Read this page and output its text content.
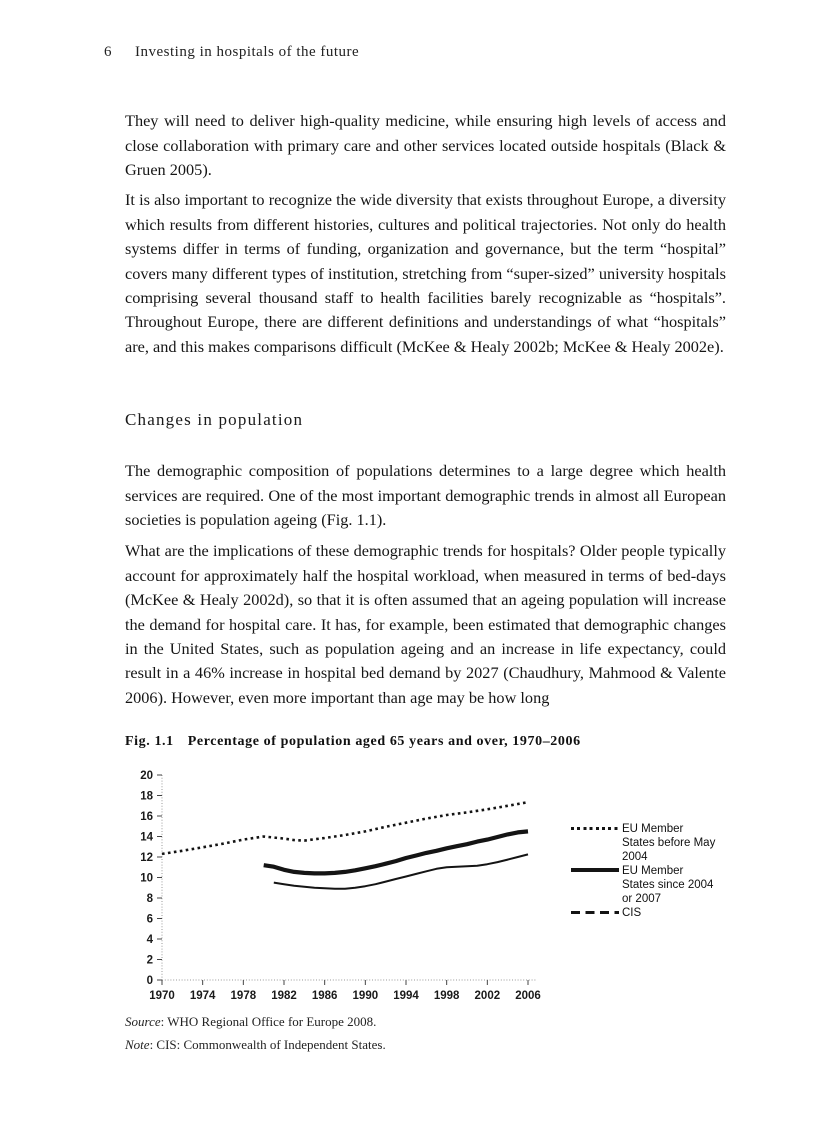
6 Investing in hospitals of the future

They will need to deliver high-quality medicine, while ensuring high levels of access and close collaboration with primary care and other services located outside hospitals (Black & Gruen 2005).

It is also important to recognize the wide diversity that exists throughout Europe, a diversity which results from different histories, cultures and political trajectories. Not only do health systems differ in terms of funding, organization and governance, but the term “hospital” covers many different types of institution, stretching from “super-sized” university hospitals comprising several thousand staff to health facilities barely recognizable as “hospitals”. Throughout Europe, there are different definitions and understandings of what “hospitals” are, and this makes comparisons difficult (McKee & Healy 2002b; McKee & Healy 2002e).

Changes in population

The demographic composition of populations determines to a large degree which health services are required. One of the most important demographic trends in almost all European societies is population ageing (Fig. 1.1).

What are the implications of these demographic trends for hospitals? Older people typically account for approximately half the hospital workload, when measured in terms of bed-days (McKee & Healy 2002d), so that it is often assumed that an ageing population will increase the demand for hospital care. It has, for example, been estimated that demographic changes in the United States, such as population ageing and an increase in life expectancy, could result in a 46% increase in hospital bed demand by 2027 (Chaudhury, Mahmood & Valente 2006). However, even more important than age may be how long

Fig. 1.1 Percentage of population aged 65 years and over, 1970–2006
0
2
4
6
8
10
12
14
16
18
20
1970 1974 1978 1982 1986 1990 1994 1998 2002 2006
EU Member
States before May
2004
EU Member
States since 2004
or 2007
CIS
Source: WHO Regional Office for Europe 2008.
Note: CIS: Commonwealth of Independent States.
